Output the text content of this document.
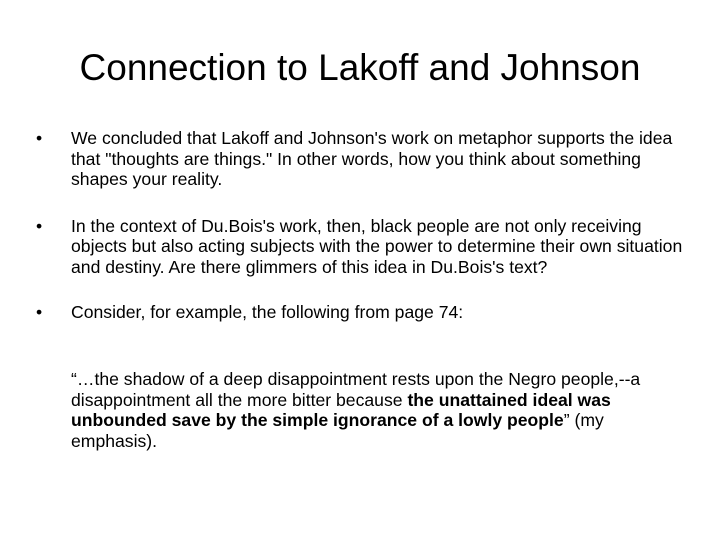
Connection to Lakoff and Johnson
•	We concluded that Lakoff and Johnson's work on metaphor supports the idea that "thoughts are things." In other words, how you think about something shapes your reality.
•	In the context of Du.Bois's work, then, black people are not only receiving objects but also acting subjects with the power to determine their own situation and destiny. Are there glimmers of this idea in Du.Bois's text?
•	Consider, for example, the following from page 74:
“…the shadow of a deep disappointment rests upon the Negro people,--a disappointment all the more bitter because the unattained ideal was unbounded save by the simple ignorance of a lowly people” (my emphasis).
